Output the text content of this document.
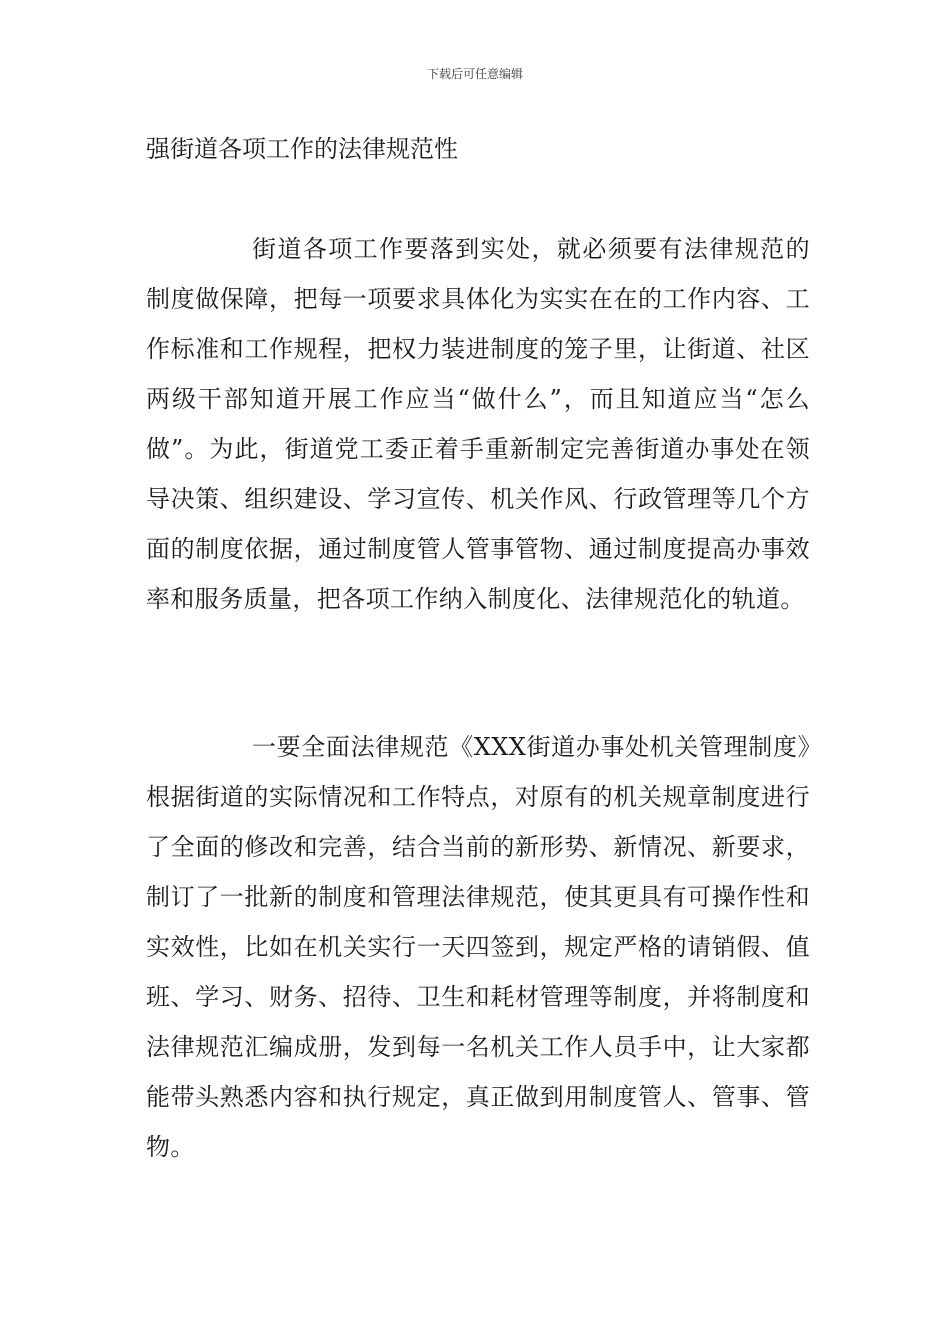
下载后可任意编辑
强街道各项工作的法律规范性

街道各项工作要落到实处，就必须要有法律规范的制度做保障，把每一项要求具体化为实实在在的工作内容、工作标准和工作规程，把权力装进制度的笼子里，让街道、社区两级干部知道开展工作应当“做什么”，而且知道应当“怎么做”。为此，街道党工委正着手重新制定完善街道办事处在领导决策、组织建设、学习宣传、机关作风、行政管理等几个方面的制度依据，通过制度管人管事管物、通过制度提高办事效率和服务质量，把各项工作纳入制度化、法律规范化的轨道。

一要全面法律规范《XXX街道办事处机关管理制度》根据街道的实际情况和工作特点，对原有的机关规章制度进行了全面的修改和完善，结合当前的新形势、新情况、新要求，制订了一批新的制度和管理法律规范，使其更具有可操作性和实效性，比如在机关实行一天四签到，规定严格的请销假、值班、学习、财务、招待、卫生和耗材管理等制度，并将制度和法律规范汇编成册，发到每一名机关工作人员手中，让大家都能带头熟悉内容和执行规定，真正做到用制度管人、管事、管物。
